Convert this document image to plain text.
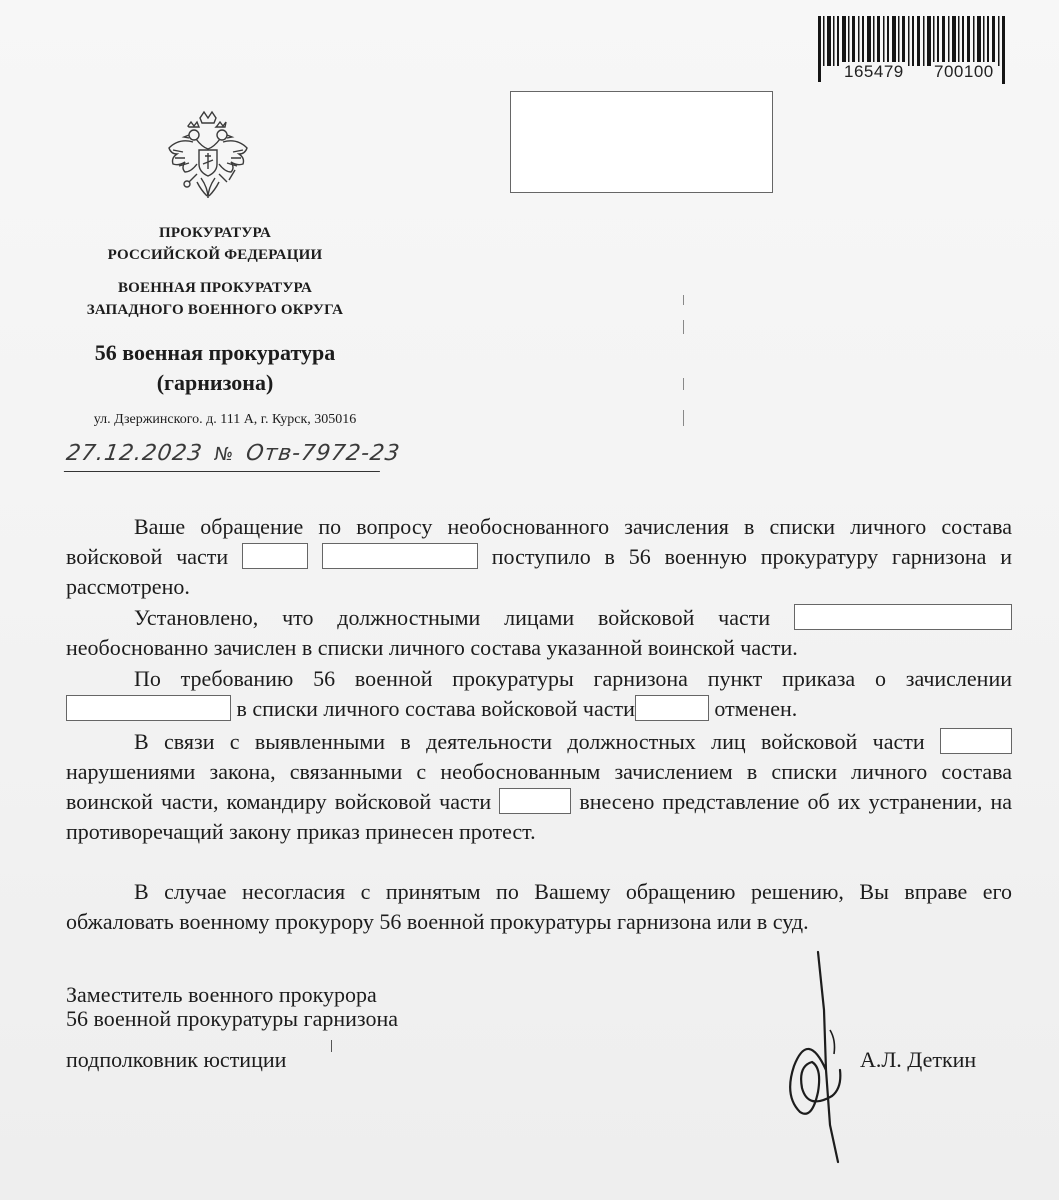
165479 700100
ПРОКУРАТУРА
РОССИЙСКОЙ ФЕДЕРАЦИИ
ВОЕННАЯ ПРОКУРАТУРА
ЗАПАДНОГО ВОЕННОГО ОКРУГА
56 военная прокуратура
(гарнизона)
ул. Дзержинского. д. 111 А, г. Курск, 305016
27.12.2023 № Отв-7972-23

Ваше обращение по вопросу необоснованного зачисления в списки личного состава войсковой части	поступило в 56 военную прокуратуру гарнизона и рассмотрено.

Установлено, что должностными лицами войсковой части  необоснованно зачислен в списки личного состава указанной воинской части.

По требованию 56 военной прокуратуры гарнизона пункт приказа о зачислении  в списки личного состава войсковой части	отменен.

В связи с выявленными в деятельности должностных лиц войсковой части  нарушениями закона, связанными с необоснованным зачислением в списки личного состава воинской части, командиру войсковой части	внесено представление об их устранении, на противоречащий закону приказ принесен протест.

В случае несогласия с принятым по Вашему обращению решению, Вы вправе его обжаловать военному прокурору 56 военной прокуратуры гарнизона или в суд.

Заместитель военного прокурора
56 военной прокуратуры гарнизона
подполковник юстиции	А.Л. Деткин
